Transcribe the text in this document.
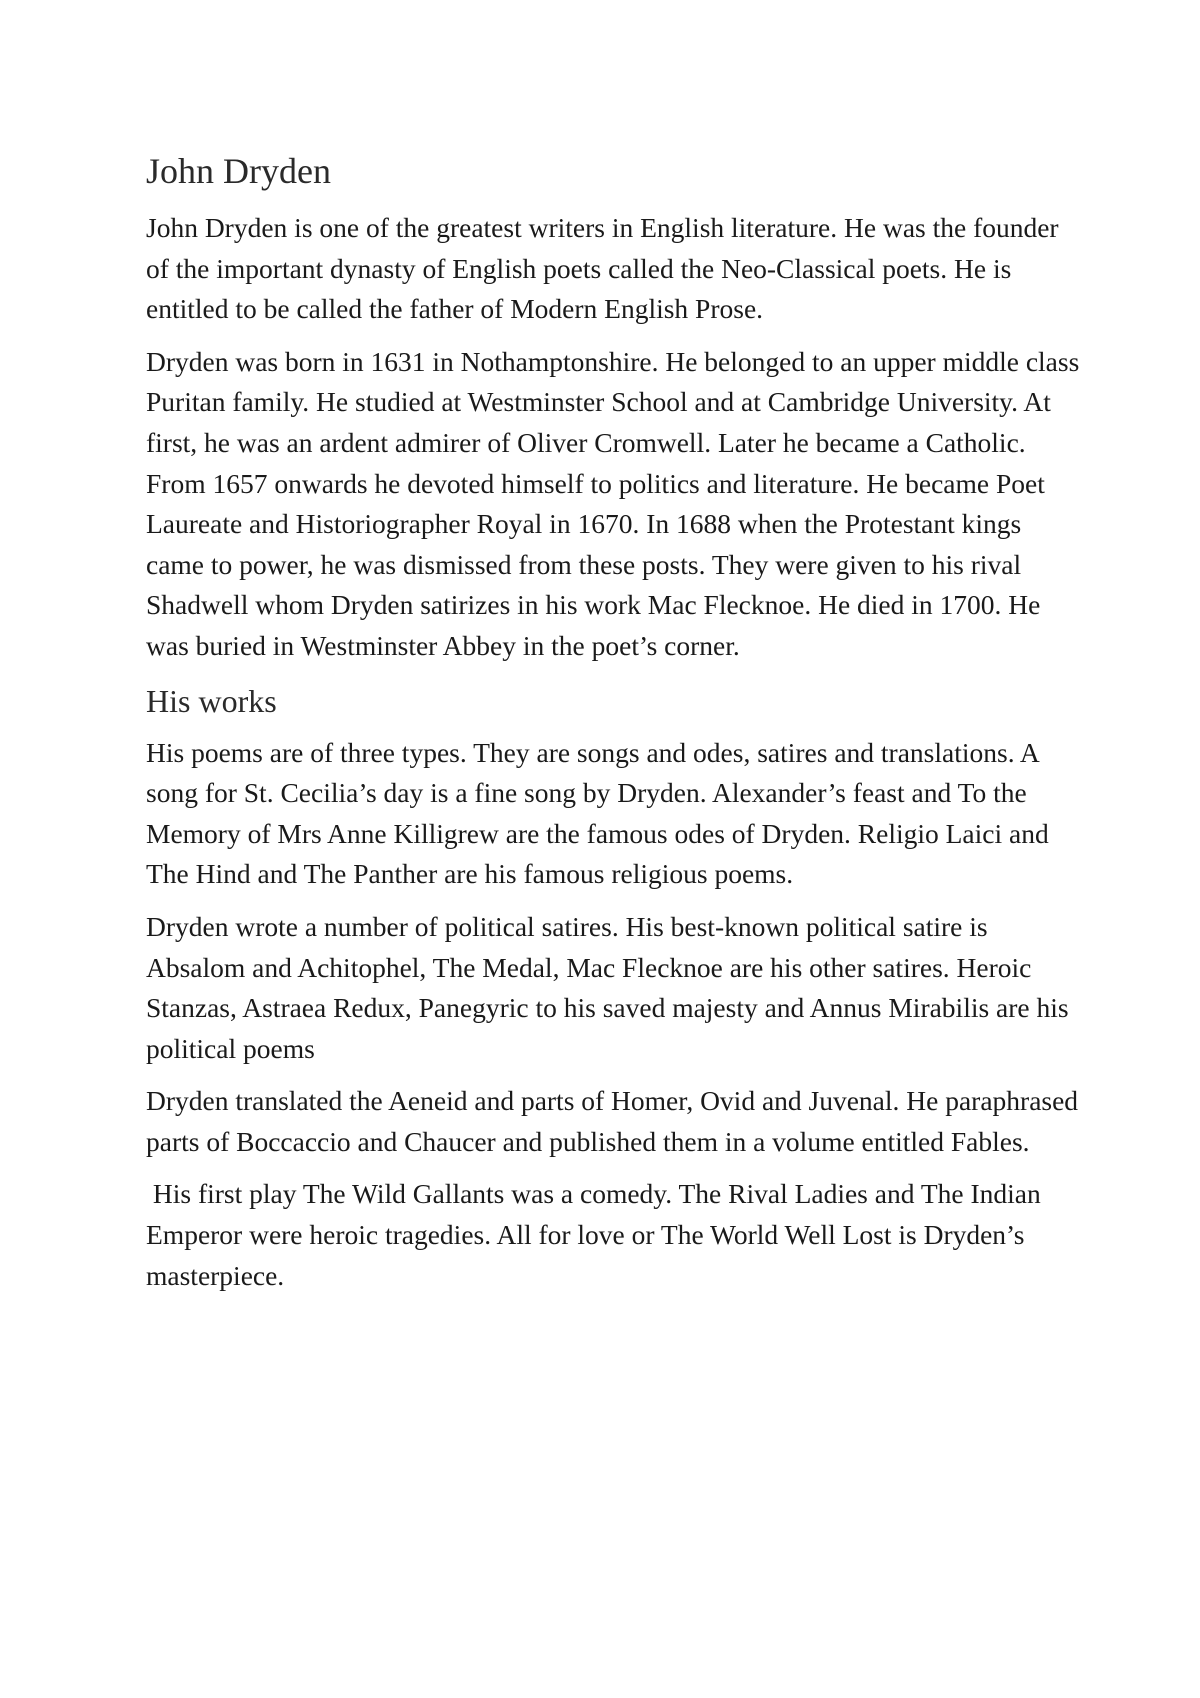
John Dryden

John Dryden is one of the greatest writers in English literature. He was the founder of the important dynasty of English poets called the Neo-Classical poets. He is entitled to be called the father of Modern English Prose.

Dryden was born in 1631 in Nothamptonshire. He belonged to an upper middle class Puritan family. He studied at Westminster School and at Cambridge University. At first, he was an ardent admirer of Oliver Cromwell. Later he became a Catholic. From 1657 onwards he devoted himself to politics and literature. He became Poet Laureate and Historiographer Royal in 1670. In 1688 when the Protestant kings came to power, he was dismissed from these posts. They were given to his rival Shadwell whom Dryden satirizes in his work Mac Flecknoe. He died in 1700. He was buried in Westminster Abbey in the poet’s corner.

His works

His poems are of three types. They are songs and odes, satires and translations. A song for St. Cecilia’s day is a fine song by Dryden. Alexander’s feast and To the Memory of Mrs Anne Killigrew are the famous odes of Dryden. Religio Laici and The Hind and The Panther are his famous religious poems.

Dryden wrote a number of political satires. His best-known political satire is Absalom and Achitophel, The Medal, Mac Flecknoe are his other satires. Heroic Stanzas, Astraea Redux, Panegyric to his saved majesty and Annus Mirabilis are his political poems

Dryden translated the Aeneid and parts of Homer, Ovid and Juvenal. He paraphrased parts of Boccaccio and Chaucer and published them in a volume entitled Fables.

His first play The Wild Gallants was a comedy. The Rival Ladies and The Indian Emperor were heroic tragedies. All for love or The World Well Lost is Dryden’s masterpiece.
